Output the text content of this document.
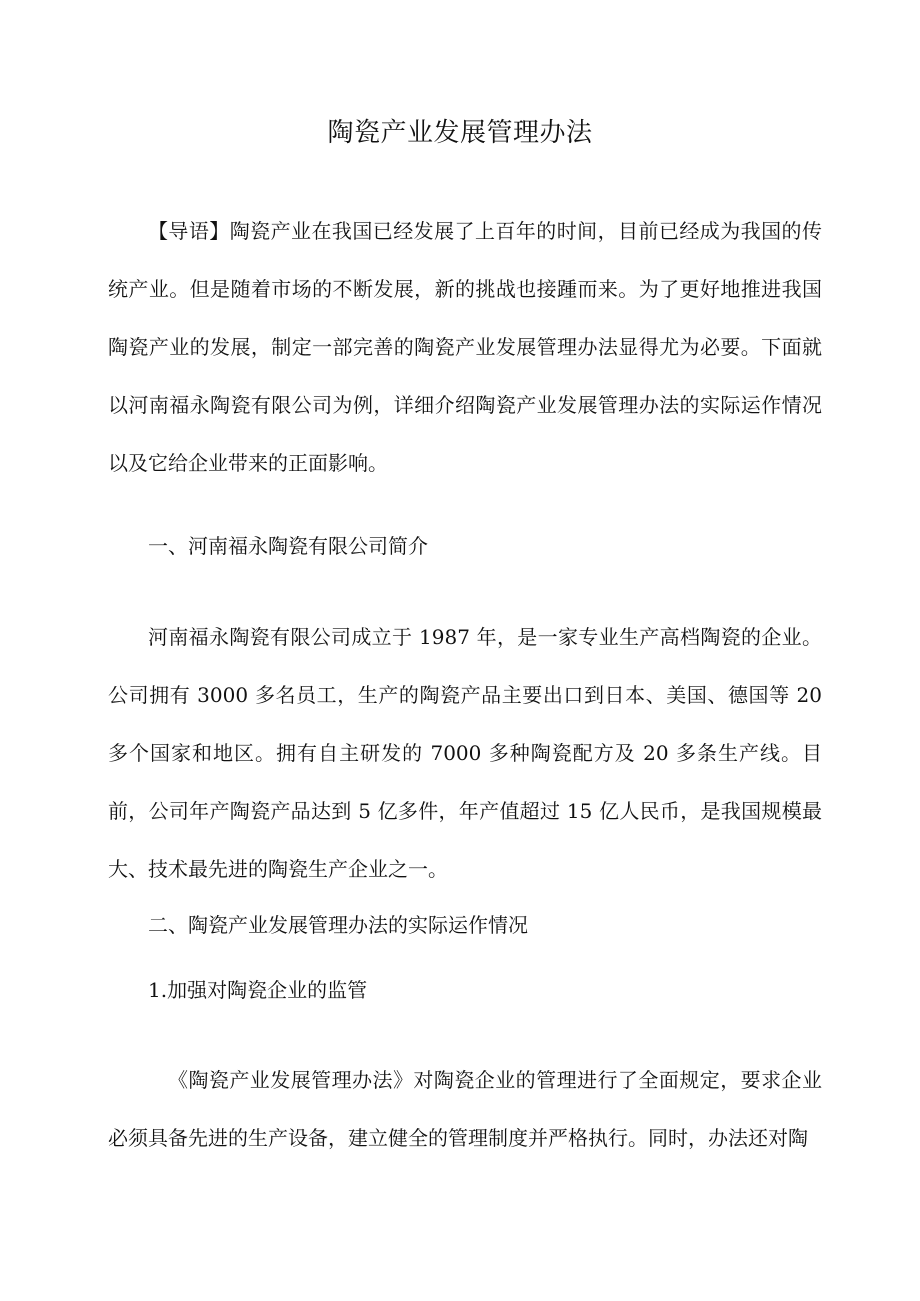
陶瓷产业发展管理办法
【导语】陶瓷产业在我国已经发展了上百年的时间，目前已经成为我国的传统产业。但是随着市场的不断发展，新的挑战也接踵而来。为了更好地推进我国陶瓷产业的发展，制定一部完善的陶瓷产业发展管理办法显得尤为必要。下面就以河南福永陶瓷有限公司为例，详细介绍陶瓷产业发展管理办法的实际运作情况以及它给企业带来的正面影响。
一、河南福永陶瓷有限公司简介
河南福永陶瓷有限公司成立于 1987 年，是一家专业生产高档陶瓷的企业。公司拥有 3000 多名员工，生产的陶瓷产品主要出口到日本、美国、德国等 20 多个国家和地区。拥有自主研发的 7000 多种陶瓷配方及 20 多条生产线。目前，公司年产陶瓷产品达到 5 亿多件，年产值超过 15 亿人民币，是我国规模最大、技术最先进的陶瓷生产企业之一。
二、陶瓷产业发展管理办法的实际运作情况
1.加强对陶瓷企业的监管
《陶瓷产业发展管理办法》对陶瓷企业的管理进行了全面规定，要求企业必须具备先进的生产设备，建立健全的管理制度并严格执行。同时，办法还对陶
